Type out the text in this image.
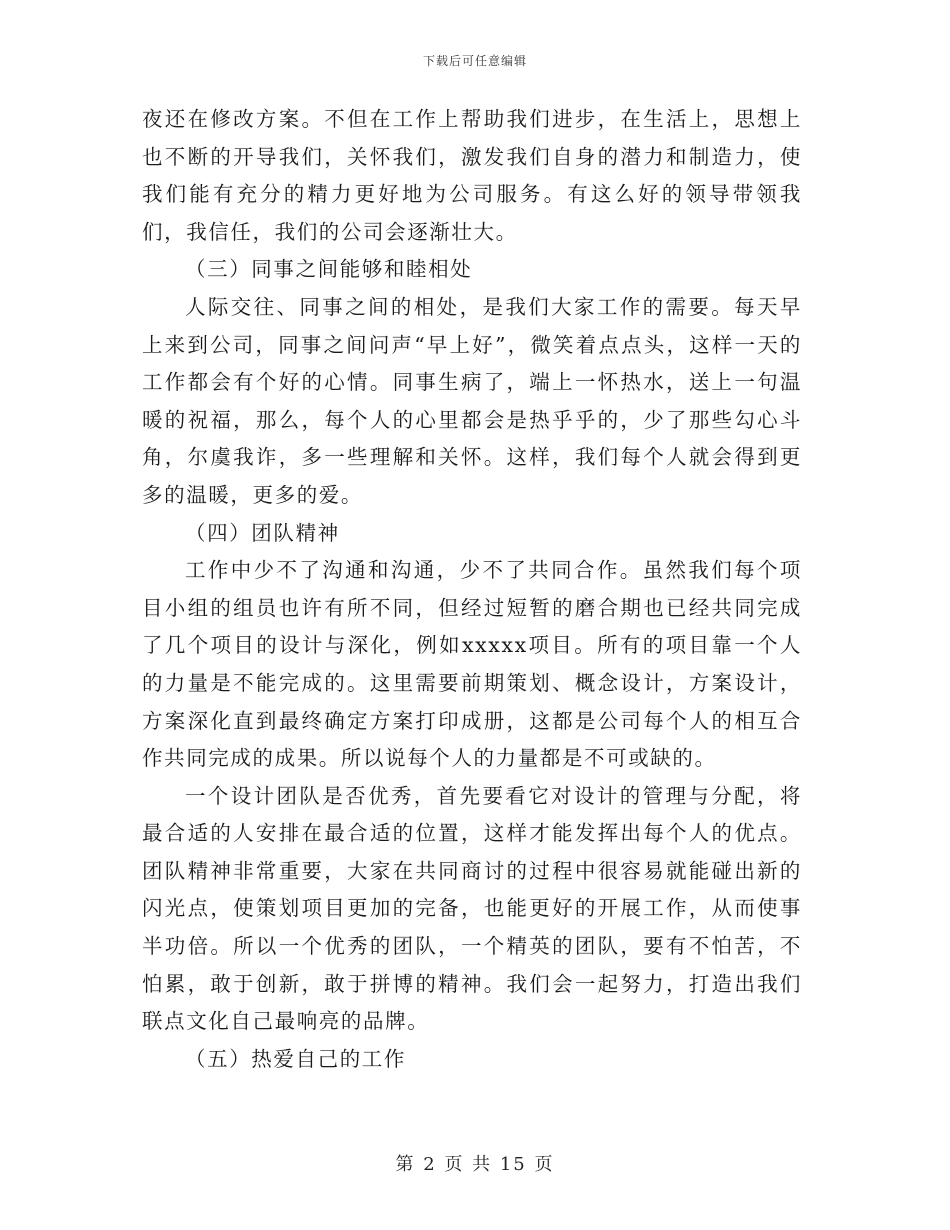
下载后可任意编辑

夜还在修改方案。不但在工作上帮助我们进步，在生活上，思想上也不断的开导我们，关怀我们，激发我们自身的潜力和制造力，使我们能有充分的精力更好地为公司服务。有这么好的领导带领我们，我信任，我们的公司会逐渐壮大。

（三）同事之间能够和睦相处

人际交往、同事之间的相处，是我们大家工作的需要。每天早上来到公司，同事之间问声“早上好”，微笑着点点头，这样一天的工作都会有个好的心情。同事生病了，端上一怀热水，送上一句温暖的祝福，那么，每个人的心里都会是热乎乎的，少了那些勾心斗角，尔虞我诈，多一些理解和关怀。这样，我们每个人就会得到更多的温暖，更多的爱。

（四）团队精神

工作中少不了沟通和沟通，少不了共同合作。虽然我们每个项目小组的组员也许有所不同，但经过短暂的磨合期也已经共同完成了几个项目的设计与深化，例如xxxxx项目。所有的项目靠一个人的力量是不能完成的。这里需要前期策划、概念设计，方案设计，方案深化直到最终确定方案打印成册，这都是公司每个人的相互合作共同完成的成果。所以说每个人的力量都是不可或缺的。

一个设计团队是否优秀，首先要看它对设计的管理与分配，将最合适的人安排在最合适的位置，这样才能发挥出每个人的优点。团队精神非常重要，大家在共同商讨的过程中很容易就能碰出新的闪光点，使策划项目更加的完备，也能更好的开展工作，从而使事半功倍。所以一个优秀的团队，一个精英的团队，要有不怕苦，不怕累，敢于创新，敢于拼博的精神。我们会一起努力，打造出我们联点文化自己最响亮的品牌。

（五）热爱自己的工作

第 2 页 共 15 页
